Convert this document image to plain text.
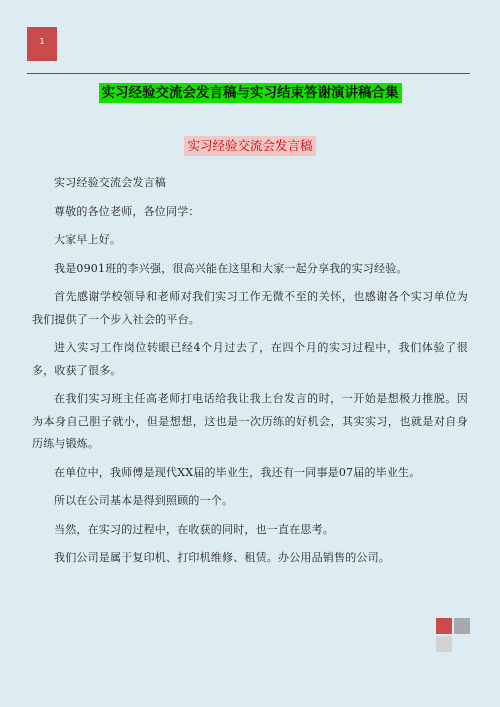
1
实习经验交流会发言稿与实习结束答谢演讲稿合集
实习经验交流会发言稿

实习经验交流会发言稿

尊敬的各位老师，各位同学：

大家早上好。

我是0901班的李兴强，很高兴能在这里和大家一起分享我的实习经验。

首先感谢学校领导和老师对我们实习工作无微不至的关怀，也感谢各个实习单位为我们提供了一个步入社会的平台。

进入实习工作岗位转眼已经4个月过去了，在四个月的实习过程中，我们体验了很多，收获了很多。

在我们实习班主任高老师打电话给我让我上台发言的时，一开始是想极力推脱。因为本身自己胆子就小，但是想想，这也是一次历练的好机会，其实实习，也就是对自身历练与锻炼。

在单位中，我师傅是现代XX届的毕业生，我还有一同事是07届的毕业生。

所以在公司基本是得到照顾的一个。

当然，在实习的过程中，在收获的同时，也一直在思考。

我们公司是属于复印机、打印机维修、租赁。办公用品销售的公司。
